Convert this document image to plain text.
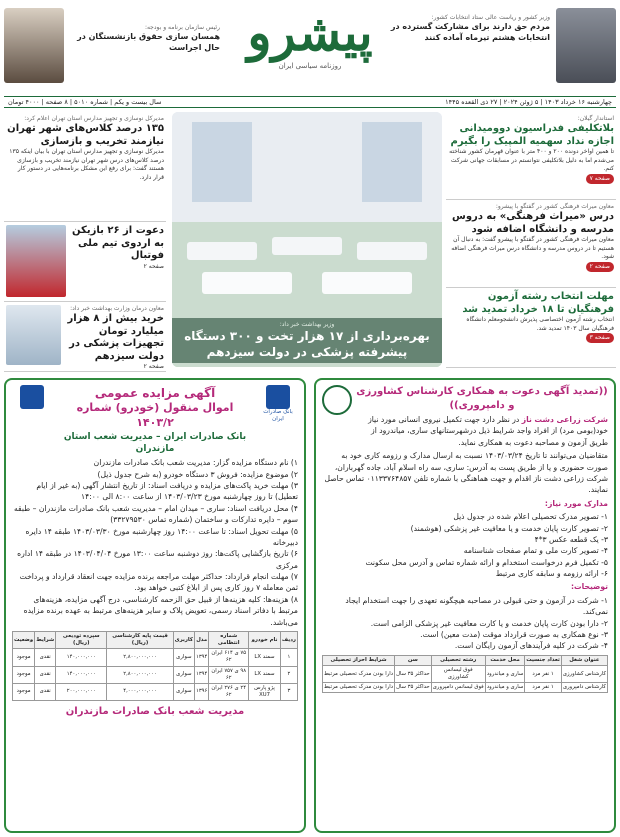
وزیر کشور و ریاست عالی ستاد انتخابات کشور:
مردم حق دارند برای مشارکت گسترده در انتخابات هشتم تیرماه آماده کنند
پیشرو
روزنامه سیاسی ایران
رئیس سازمان برنامه و بودجه:
همسان سازی حقوق بازنشستگان در حال اجراست
چهارشنبه ۱۶ خرداد ۱۴۰۳ | ۵ ژوئن ۲۰۲۴ | ۲۷ ذی القعده ۱۴۴۵
سال بیست و یکم | شماره ۵۰۱۰ | ۸ صفحه | ۴۰۰۰ تومان
استاندار گیلان:
بلاتکلیفی فدراسیون دوومیدانی اجازه نداد سهمیه المپیک را بگیرم
تا همین اواخر دونده ۲۰۰ و ۴۰۰ متر با عنوان قهرمان کشور شناخته می‌شدم اما به دلیل بلاتکلیفی نتوانستم در مسابقات جهانی شرکت کنم.
صفحه ۷
معاون میراث فرهنگی کشور در گفتگو با پیشرو:
درس «میراث فرهنگی» به دروس مدرسه و دانشگاه اضافه شود
معاون میراث فرهنگی کشور در گفتگو با پیشرو گفت: به دنبال آن هستیم تا در دروس مدرسه و دانشگاه درس میراث فرهنگی اضافه شود.
صفحه ۲
مهلت انتخاب رشته آزمون فرهنگیان تا ۱۸ خرداد تمدید شد
انتخاب رشته آزمون اختصاصی پذیرش دانشجومعلم دانشگاه فرهنگیان سال ۱۴۰۳ تمدید شد.
صفحه ۳
وزیر بهداشت خبر داد:
بهره‌برداری از ۱۷ هزار تخت و ۳۰۰ دستگاه پیشرفته پزشکی در دولت سیزدهم
مدیرکل نوسازی و تجهیز مدارس استان تهران اعلام کرد:
۱۳۵ درصد کلاس‌های شهر تهران نیازمند تخریب و بازسازی
مدیرکل نوسازی و تجهیز مدارس استان تهران با بیان اینکه ۱۳۵ درصد کلاس‌های درس شهر تهران نیازمند تخریب و بازسازی هستند گفت: برای رفع این مشکل برنامه‌هایی در دستور کار قرار دارد.
دعوت از ۲۶ بازیکن به اردوی تیم ملی فوتبال
صفحه ۲
معاون درمان وزارت بهداشت خبر داد:
خرید بیش از ۸ هزار میلیارد تومان تجهیزات پزشکی در دولت سیزدهم
صفحه ۲
((تمدید آگهی دعوت به همکاری کارشناس کشاورزی و دامپروری))
شرکت زراعی دشت ناز در نظر دارد جهت تکمیل نیروی انسانی مورد نیاز خود(بومی مرد) از افراد واجد شرایط ذیل درشهرستانهای ساری، میاندرود از طریق آزمون و مصاحبه دعوت به همکاری نماید.
متقاضیان می‌توانند تا تاریخ ۱۴۰۳/۰۳/۲۴ نسبت به ارسال مدارک و رزومه کاری خود به صورت حضوری و یا از طریق پست به آدرس: ساری، سه راه اسلام آباد، جاده گهرباران، شرکت زراعی دشت ناز اقدام و جهت هماهنگی با شماره تلفن ۰۱۱۳۳۷۶۴۸۵۷ تماس حاصل نمایند.
مدارک مورد نیاز:
۱- تصویر مدرک تحصیلی اعلام شده در جدول ذیل
۲- تصویر کارت پایان خدمت و یا معافیت غیر پزشکی (هوشمند)
۳- یک قطعه عکس ۳*۴
۴- تصویر کارت ملی و تمام صفحات شناسنامه
۵- تکمیل فرم درخواست استخدام و ارائه شماره تماس و آدرس محل سکونت
۶- ارائه رزومه و سابقه کاری مرتبط
توضیحات:
۱- شرکت در آزمون و حتی قبولی در مصاحبه هیچگونه تعهدی را جهت استخدام ایجاد نمی‌کند.
۲- دارا بودن کارت پایان خدمت و یا کارت معافیت غیر پزشکی الزامی است.
۳- نوع همکاری به صورت قرارداد موقت (مدت معین) است.
۴- شرکت در کلیه فرآیندهای آزمون رایگان است.
عنوان شغل	تعداد جنسیت	محل خدمت	رشته تحصیلی	سن	شرایط احراز تحصیلی
کارشناس کشاورزی	۱ نفر مرد	ساری و میاندرود	فوق لیسانس کشاورزی	حداکثر ۳۵ سال	دارا بودن مدرک تحصیلی مرتبط
کارشناس دامپروری	۱ نفر مرد	ساری و میاندرود	فوق لیسانس دامپروری	حداکثر ۳۵ سال	دارا بودن مدرک تحصیلی مرتبط
بانک صادرات ایران
آگهی مزایده عمومی
اموال منقول (خودرو) شماره ۱۴۰۳/۲
بانک صادرات ایران – مدیریت شعب استان مازندران
۱) نام دستگاه مزایده گزار: مدیریت شعب بانک صادرات مازندران
۲) موضوع مزایده: فروش ۳ دستگاه خودرو (به شرح جدول ذیل)
۳) مهلت خرید پاکت‌های مزایده و دریافت اسناد: از تاریخ انتشار آگهی (به غیر از ایام تعطیل) تا روز چهارشنبه مورخ ۱۴۰۳/۰۳/۲۳ از ساعت ۸:۰۰ الی ۱۴:۰۰
۴) محل دریافت اسناد: ساری – میدان امام – مدیریت شعب بانک صادرات مازندران – طبقه سوم – دایره تدارکات و ساختمان (شماره تماس ۳۳۲۷۹۵۳۰)
۵) مهلت تحویل اسناد: تا ساعت ۱۴:۰۰ روز چهارشنبه مورخ ۱۴۰۳/۰۳/۳۰ طبقه ۱۴ دایره دبیرخانه
۶) تاریخ بازگشایی پاکت‌ها: روز دوشنبه ساعت ۱۳:۰۰ مورخ ۱۴۰۳/۰۴/۰۴ در طبقه ۱۴ اداره مرکزی
۷) مهلت انجام قرارداد: حداکثر مهلت مراجعه برنده مزایده جهت انعقاد قرارداد و پرداخت ثمن معامله ۷ روز کاری پس از ابلاغ کتبی خواهد بود.
۸) هزینه‌ها: کلیه هزینه‌ها از قبیل حق الزحمه کارشناسی، درج آگهی مزایده، هزینه‌های مرتبط با دفاتر اسناد رسمی، تعویض پلاک و سایر هزینه‌های مرتبط به عهده برنده مزایده می‌باشد.
ردیف	نام خودرو	شماره انتظامی	مدل	کاربری	قیمت پایه کارشناسی (ریال)	سپرده تودیعی (ریال)	شرایط	وضعیت
۱	سمند LX	۷۵ ی ۶۱۴ ایران ۶۲	۱۳۹۴	سواری	۲,۸۰۰,۰۰۰,۰۰۰	۱۴۰,۰۰۰,۰۰۰	نقدی	موجود
۲	سمند LX	۹۸ ی ۷۵۷ ایران ۶۲	۱۳۹۴	سواری	۲,۸۰۰,۰۰۰,۰۰۰	۱۴۰,۰۰۰,۰۰۰	نقدی	موجود
۳	پژو پارس XU7	۲۴ ی ۲۷۶ ایران ۶۲	۱۳۹۶	سواری	۴,۰۰۰,۰۰۰,۰۰۰	۲۰۰,۰۰۰,۰۰۰	نقدی	موجود
مدیریت شعب بانک صادرات مازندران
